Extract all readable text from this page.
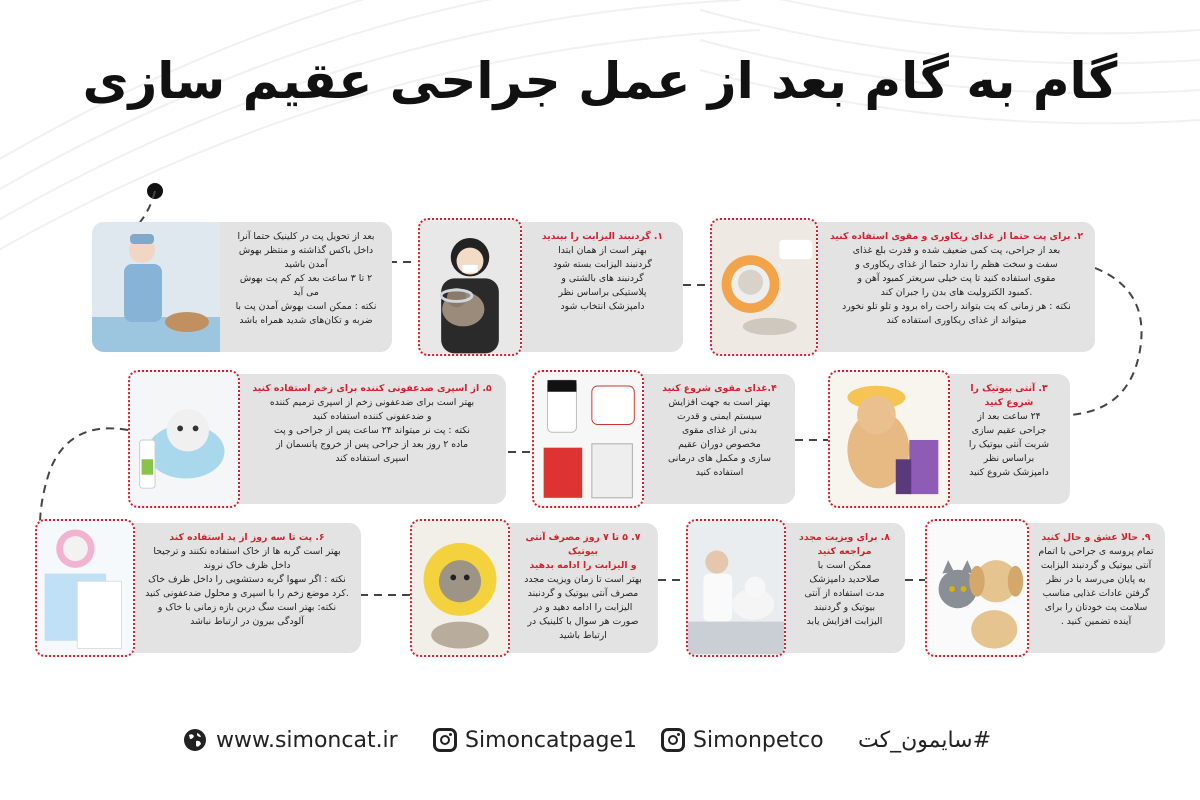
گام به گام بعد از عمل جراحی عقیم سازی
بعد از تحویل پت در کلینیک حتما آنرا
داخل باکس گذاشته و منتظر بهوش
آمدن باشید
۲ تا ۳ ساعت بعد کم کم پت بهوش
می آید
نکته : ممکن است بهوش آمدن پت با
ضربه و تکان‌های شدید همراه باشد
۱. گردنبند الیزابت را ببندید
بهتر است از همان ابتدا
گردنبند الیزابت بسته شود
گردنبند های بالشتی و
پلاستیکی براساس نظر
دامپزشک انتخاب شود
۲. برای پت حتما از غذای ریکاوری و مقوی استفاده کنید
بعد از جراحی، پت کمی ضعیف شده و قدرت بلع غذای
سفت و سخت هظم را ندارد حتما از غذای ریکاوری و
مقوی استفاده کنید تا پت خیلی سریعتر کمبود آهن و
.کمبود الکترولیت های بدن را جبران کند
نکته : هر زمانی که پت بتواند راحت راه برود و تلو تلو نخورد
میتواند از غذای ریکاوری استفاده کند
۵. از اسپری ضدعفونی کننده برای زخم استفاده کنید
بهتر است برای ضدعفونی زخم از اسپری ترمیم کننده
و ضدعفونی کننده استفاده کنید
نکته : پت نر میتواند ۲۴ ساعت پس از جراحی و پت
ماده ۲ روز بعد از جراحی پس از خروج پانسمان از
اسپری استفاده کند
۴.غذای مقوی شروع کنید
بهتر است به جهت افزایش
سیستم ایمنی و قدرت
بدنی از غذای مقوی
مخصوص دوران عقیم
سازی و مکمل های درمانی
استفاده کنید
۳. آنتی بیوتیک را
شروع کنید
۲۴ ساعت بعد از
جراحی عقیم سازی
شربت آنتی بیوتیک را
براساس نظر
دامپزشک شروع کنید
۶. پت تا سه روز از پد استفاده کند
بهتر است گربه ها از خاک استفاده نکنند و ترجیحا
داخل ظرف خاک نروند
نکته : اگر سهوا گربه دستشویی را داخل ظرف خاک
.کرد موضع زخم را با اسپری و محلول ضدعفونی کنید
نکته: بهتر است سگ دربن بازه زمانی با خاک و
آلودگی بیرون در ارتباط نباشد
۷. ۵ تا ۷ روز مصرف آنتی بیوتیک
و الیزابت را ادامه بدهید
بهتر است تا زمان ویزیت مجدد
مصرف آنتی بیوتیک و گردنبند
الیزابت را ادامه دهید و در
صورت هر سوال با کلینیک در
ارتباط باشید
۸. برای ویزیت مجدد
مراجعه کنید
ممکن است با
صلاحدید دامپزشک
مدت استفاده از آنتی
بیوتیک و گردنبند
الیزابت افزایش یابد
۹. حالا عشق و حال کنید
تمام پروسه ی جراحی با اتمام
آنتی بیوتیک و گردنبند الیزابت
به پایان می‌رسد با در نظر
گرفتن عادات غذایی مناسب
سلامت پت خودتان را برای
آینده تضمین کنید .
www.simoncat.ir	Simoncatpage1	Simonpetco #سایمون_کت
